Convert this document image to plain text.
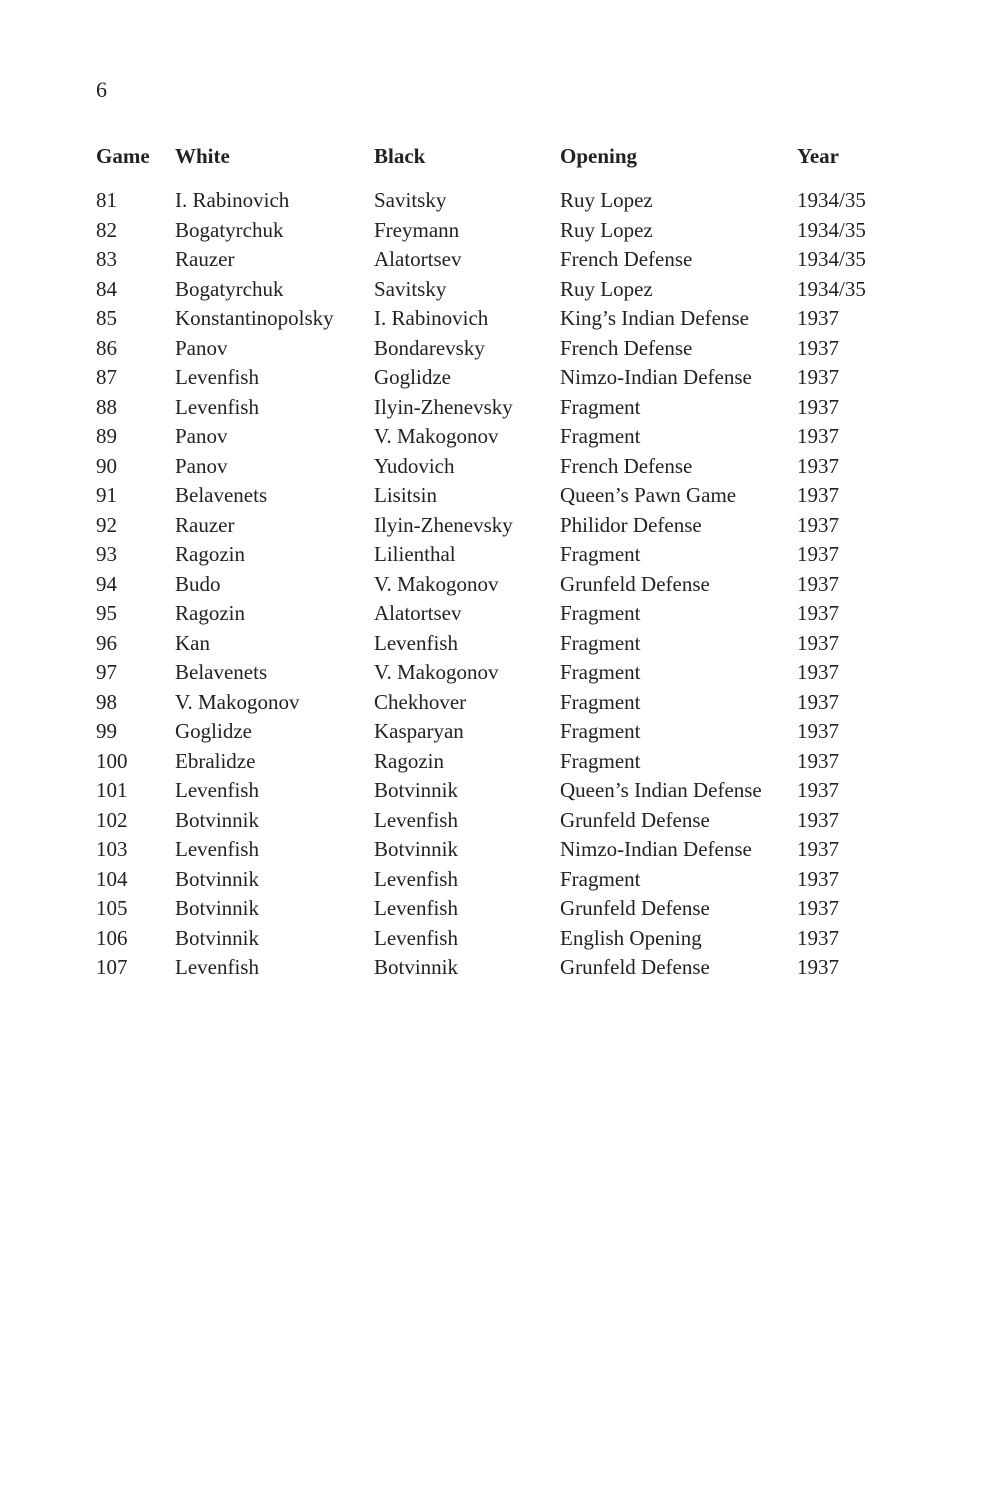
6
Game	White	Black	Opening	Year
81	I. Rabinovich	Savitsky	Ruy Lopez	1934/35
82	Bogatyrchuk	Freymann	Ruy Lopez	1934/35
83	Rauzer	Alatortsev	French Defense	1934/35
84	Bogatyrchuk	Savitsky	Ruy Lopez	1934/35
85	Konstantinopolsky	I. Rabinovich	King’s Indian Defense	1937
86	Panov	Bondarevsky	French Defense	1937
87	Levenfish	Goglidze	Nimzo-Indian Defense	1937
88	Levenfish	Ilyin-Zhenevsky	Fragment	1937
89	Panov	V. Makogonov	Fragment	1937
90	Panov	Yudovich	French Defense	1937
91	Belavenets	Lisitsin	Queen’s Pawn Game	1937
92	Rauzer	Ilyin-Zhenevsky	Philidor Defense	1937
93	Ragozin	Lilienthal	Fragment	1937
94	Budo	V. Makogonov	Grunfeld Defense	1937
95	Ragozin	Alatortsev	Fragment	1937
96	Kan	Levenfish	Fragment	1937
97	Belavenets	V. Makogonov	Fragment	1937
98	V. Makogonov	Chekhover	Fragment	1937
99	Goglidze	Kasparyan	Fragment	1937
100	Ebralidze	Ragozin	Fragment	1937
101	Levenfish	Botvinnik	Queen’s Indian Defense	1937
102	Botvinnik	Levenfish	Grunfeld Defense	1937
103	Levenfish	Botvinnik	Nimzo-Indian Defense	1937
104	Botvinnik	Levenfish	Fragment	1937
105	Botvinnik	Levenfish	Grunfeld Defense	1937
106	Botvinnik	Levenfish	English Opening	1937
107	Levenfish	Botvinnik	Grunfeld Defense	1937
